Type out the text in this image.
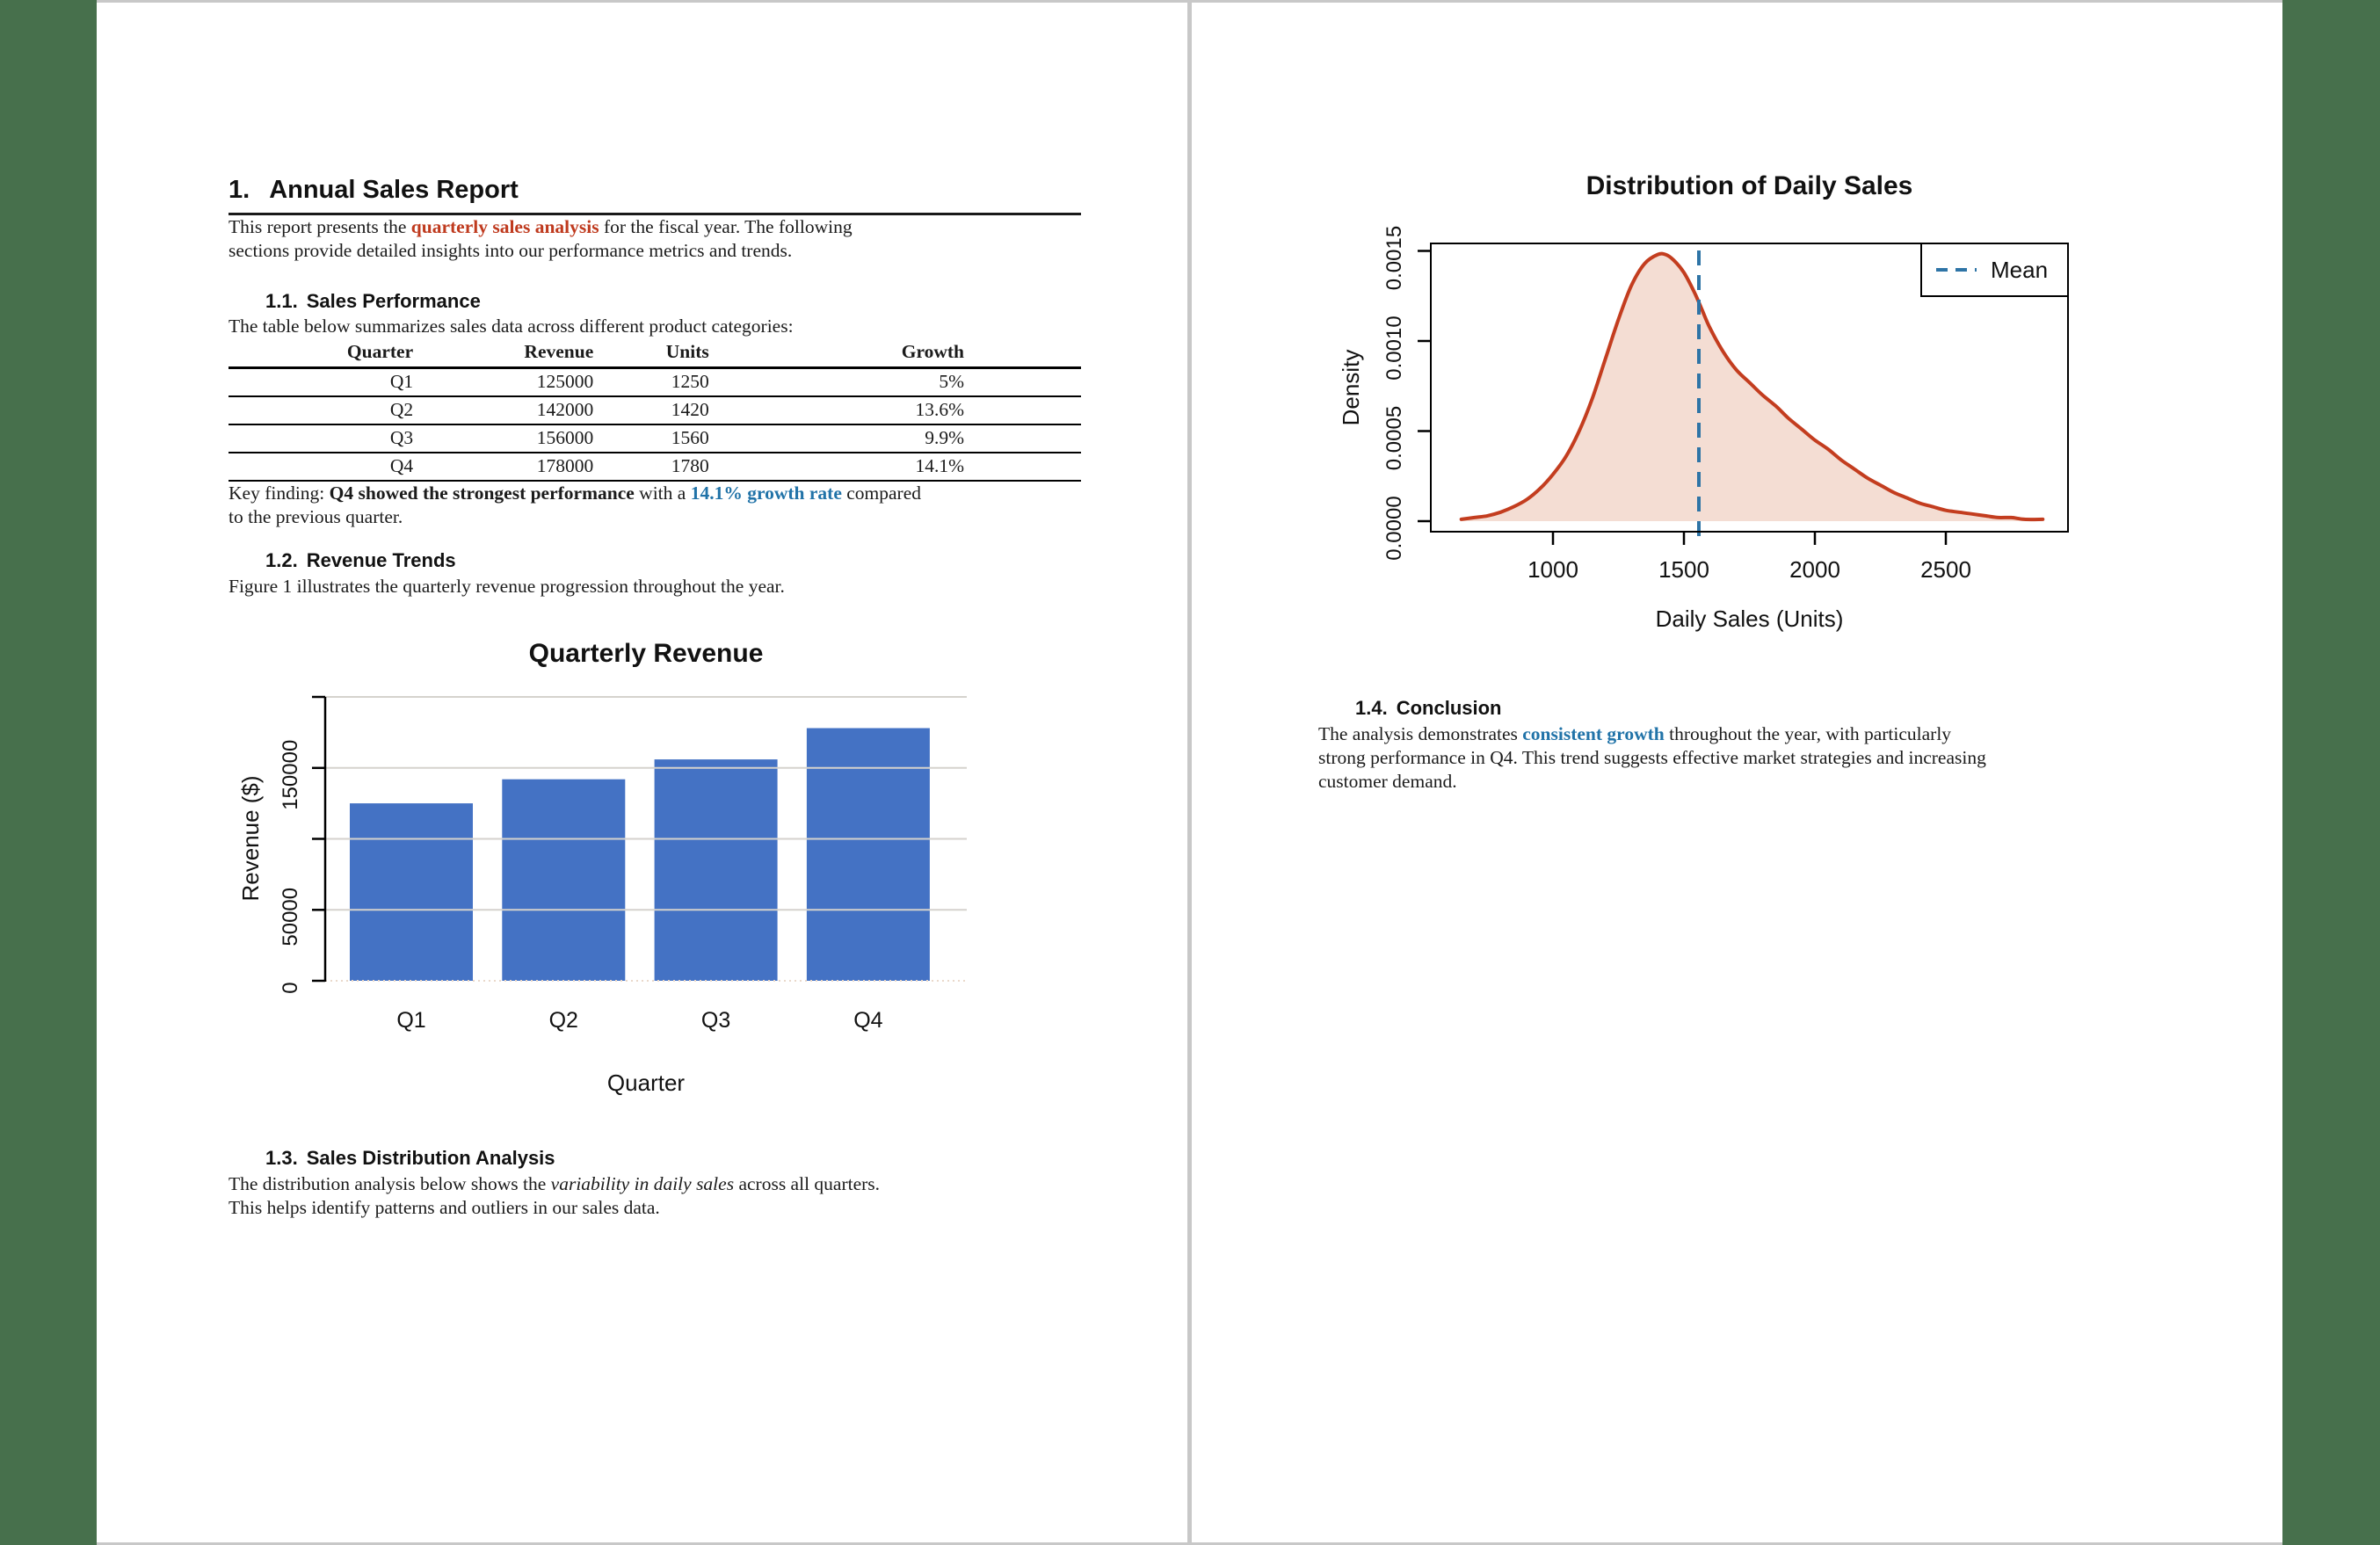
1. Annual Sales Report

This report presents the quarterly sales analysis for the fiscal year. The following
sections provide detailed insights into our performance metrics and trends.

1.1. Sales Performance

The table below summarizes sales data across different product categories:

Quarter	Revenue	Units	Growth
Q1	125000	1250	5%
Q2	142000	1420	13.6%
Q3	156000	1560	9.9%
Q4	178000	1780	14.1%

Key finding: Q4 showed the strongest performance with a 14.1% growth rate compared
to the previous quarter.

1.2. Revenue Trends

Figure 1 illustrates the quarterly revenue progression throughout the year.

Quarterly Revenue
Revenue ($)
0
50000
150000
Q1	Q2	Q3	Q4
Quarter
1.3. Sales Distribution Analysis

The distribution analysis below shows the variability in daily sales across all quarters.
This helps identify patterns and outliers in our sales data.

Distribution of Daily Sales
Density
1000	1500	2000	2500
0.0000
0.0005
0.0010
0.0015	Mean
Daily Sales (Units)
1.4. Conclusion

The analysis demonstrates consistent growth throughout the year, with particularly
strong performance in Q4. This trend suggests effective market strategies and increasing
customer demand.
